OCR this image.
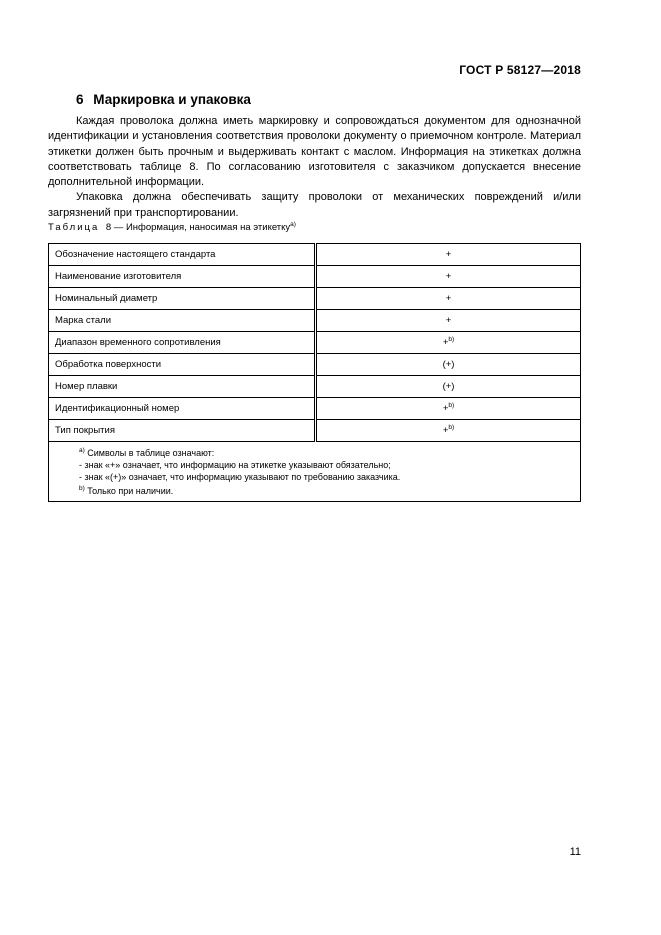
ГОСТ Р 58127—2018
6 Маркировка и упаковка

Каждая проволока должна иметь маркировку и сопровождаться документом для однозначной идентификации и установления соответствия проволоки документу о приемочном контроле. Материал этикетки должен быть прочным и выдерживать контакт с маслом. Информация на этикетках должна соответствовать таблице 8. По согласованию изготовителя с заказчиком допускается внесение дополнительной информации.

Упаковка должна обеспечивать защиту проволоки от механических повреждений и/или загрязнений при транспортировании.

Таблица 8 — Информация, наносимая на этикетку$^{а)}$
Обозначение настоящего стандарта	+
Наименование изготовителя	+
Номинальный диаметр	+
Марка стали	+
Диапазон временного сопротивления	+$^{b)}$
Обработка поверхности	(+)
Номер плавки	(+)
Идентификационный номер	+$^{b)}$
Тип покрытия	+$^{b)}$

$^{а)}$ Символы в таблице означают:
- знак «+» означает, что информацию на этикетке указывают обязательно;
- знак «(+)» означает, что информацию указывают по требованию заказчика.
$^{b)}$ Только при наличии.	
11
